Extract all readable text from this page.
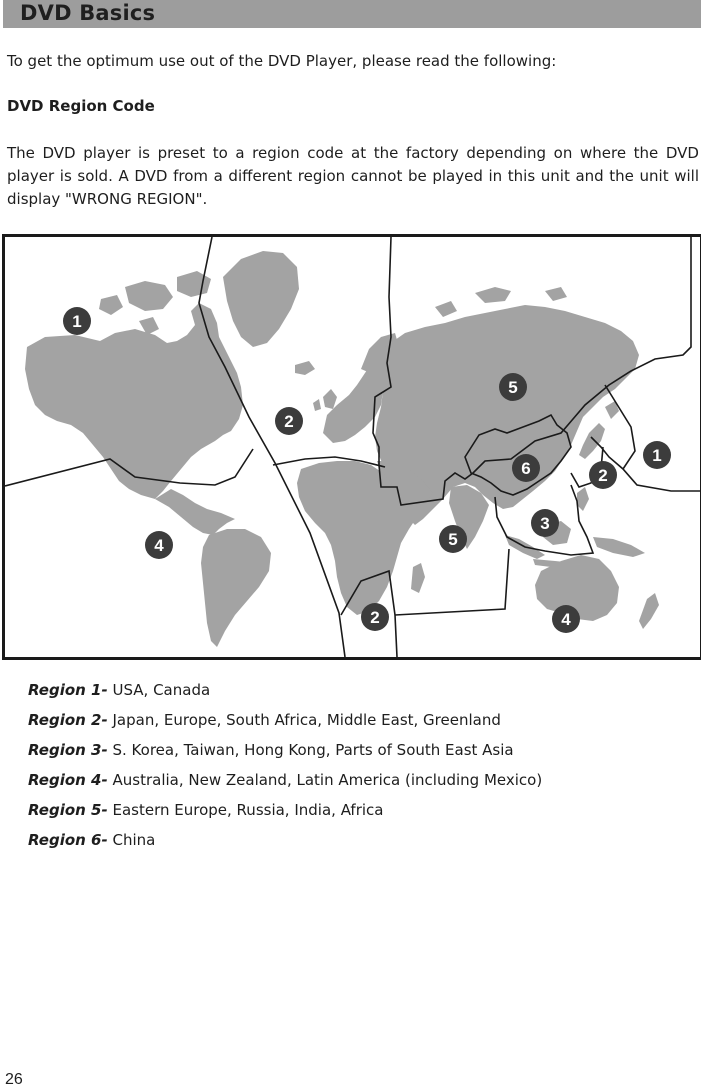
DVD Basics
To get the optimum use out of the DVD Player, please read the following:
DVD Region Code
The DVD player is preset to a region code at the factory depending on where the DVD player is sold. A DVD from a different region cannot be played in this unit and the unit will display "WRONG REGION".
1
2
5
6	2
1
4	5
3
2	4
Region 1- USA, Canada
Region 2- Japan, Europe, South Africa, Middle East, Greenland
Region 3- S. Korea, Taiwan, Hong Kong, Parts of South East Asia
Region 4- Australia, New Zealand, Latin America (including Mexico)
Region 5- Eastern Europe, Russia, India, Africa
Region 6- China
26
